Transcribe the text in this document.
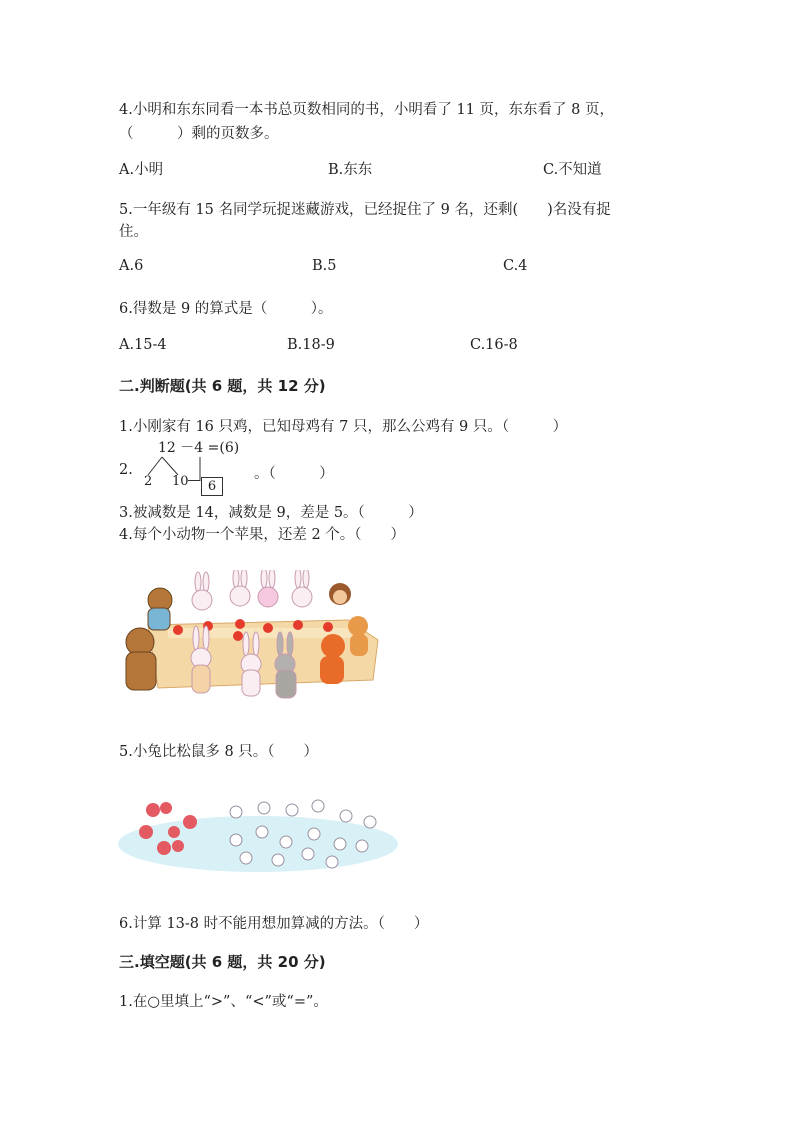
4.小明和东东同看一本书总页数相同的书，小明看了 11 页，东东看了 8 页，
（　　　）剩的页数多。
A.小明	B.东东	C.不知道
5.一年级有 15 名同学玩捉迷藏游戏，已经捉住了 9 名，还剩(　　)名没有捉
住。
A.6	B.5	C.4
6.得数是 9 的算式是（　　　）。
A.15-4	B.18-9	C.16-8
二.判断题(共 6 题，共 12 分)
1.小刚家有 16 只鸡，已知母鸡有 7 只，那么公鸡有 9 只。（　　　）
12 －4 =(6)
2.
2 10	6
。（　　　）
3.被减数是 14，减数是 9，差是 5。（　　　）
4.每个小动物一个苹果，还差 2 个。（　　）
5.小兔比松鼠多 8 只。（　　）
6.计算 13-8 时不能用想加算减的方法。（　　）
三.填空题(共 6 题，共 20 分)
1.在○里填上“>”、“<”或“=”。
